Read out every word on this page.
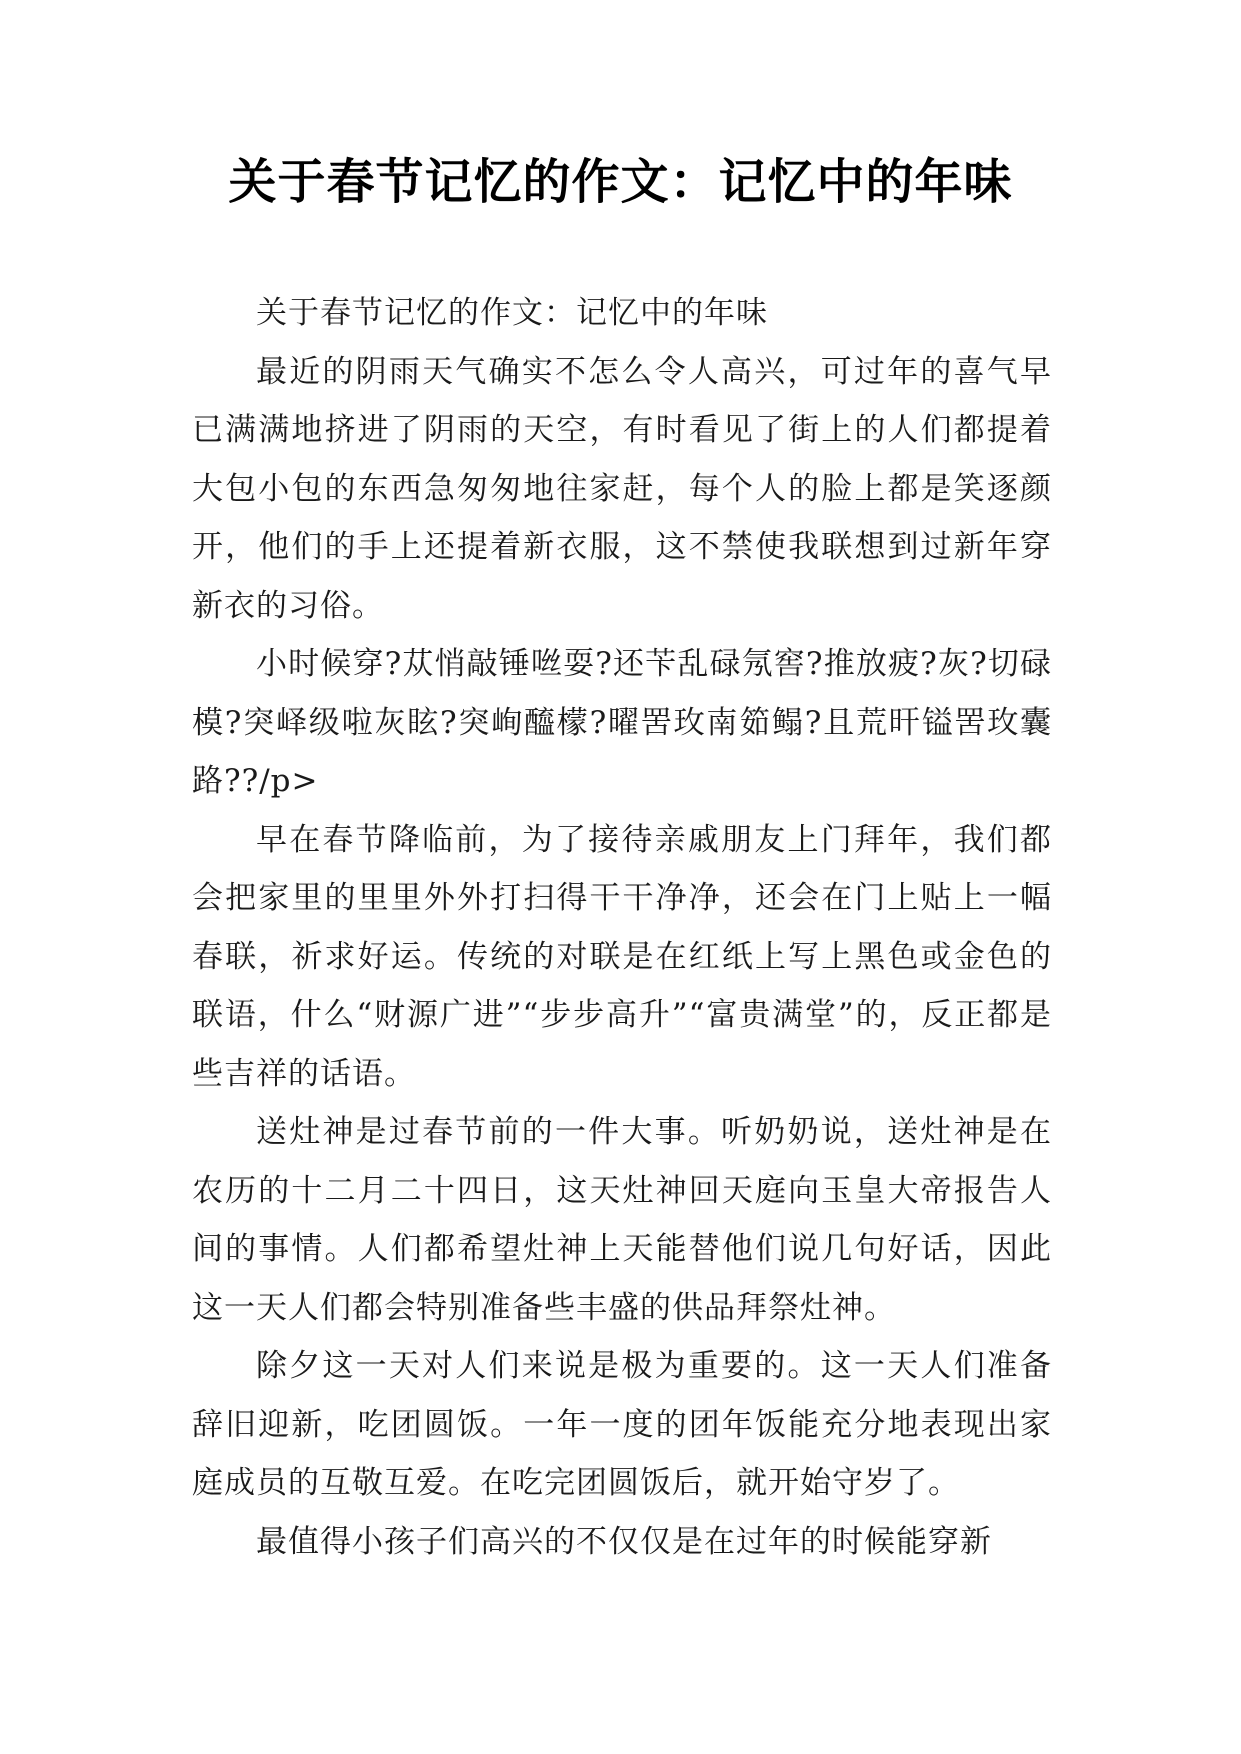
关于春节记忆的作文：记忆中的年味

关于春节记忆的作文：记忆中的年味

最近的阴雨天气确实不怎么令人高兴，可过年的喜气早已满满地挤进了阴雨的天空，有时看见了街上的人们都提着大包小包的东西急匆匆地往家赶，每个人的脸上都是笑逐颜开，他们的手上还提着新衣服，这不禁使我联想到过新年穿新衣的习俗。

小时候穿?苁悄敲锤咝耍?还苄乱碌氖窖?推放疲?灰?切碌模?突峄级啦灰眩?突峋醯檬?曜罟玫南筎鳎?且荒旰镒罟玫囊路??/p>

早在春节降临前，为了接待亲戚朋友上门拜年，我们都会把家里的里里外外打扫得干干净净，还会在门上贴上一幅春联，祈求好运。传统的对联是在红纸上写上黑色或金色的联语，什么“财源广进”“步步高升”“富贵满堂”的，反正都是些吉祥的话语。

送灶神是过春节前的一件大事。听奶奶说，送灶神是在农历的十二月二十四日，这天灶神回天庭向玉皇大帝报告人间的事情。人们都希望灶神上天能替他们说几句好话，因此这一天人们都会特别准备些丰盛的供品拜祭灶神。

除夕这一天对人们来说是极为重要的。这一天人们准备辞旧迎新，吃团圆饭。一年一度的团年饭能充分地表现出家庭成员的互敬互爱。在吃完团圆饭后，就开始守岁了。

最值得小孩子们高兴的不仅仅是在过年的时候能穿新
